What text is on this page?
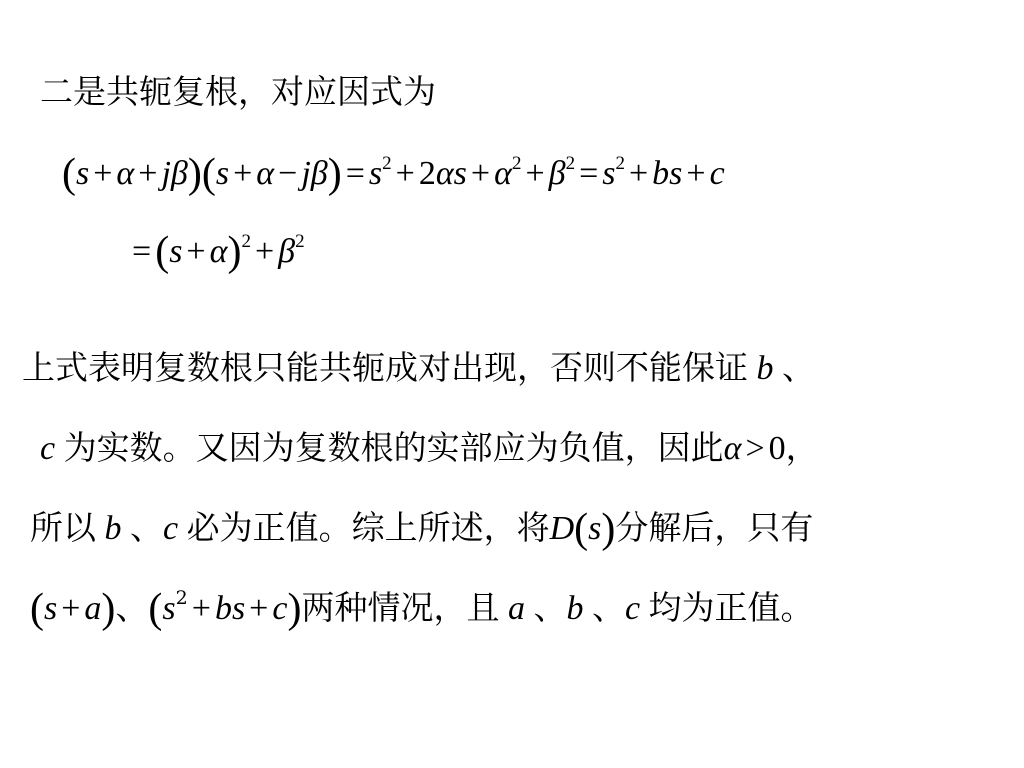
二是共轭复根，对应因式为
$(s + \alpha + j\beta)(s + \alpha - j\beta) = s^2 + 2\alpha s + \alpha^2 + \beta^2 = s^2$ + bs + c
$=(s + \alpha)^2 + \beta^2$
上式表明复数根只能共轭成对出现，否则不能保证 b 、
c 为实数。又因为复数根的实部应为负值，因此α > 0，
所以 b 、c 必为正值。综上所述，将D(s)分解后，只有
(s + a)、($s^2$ + bs + c)两种情况，且 a 、b 、c 均为正值。
